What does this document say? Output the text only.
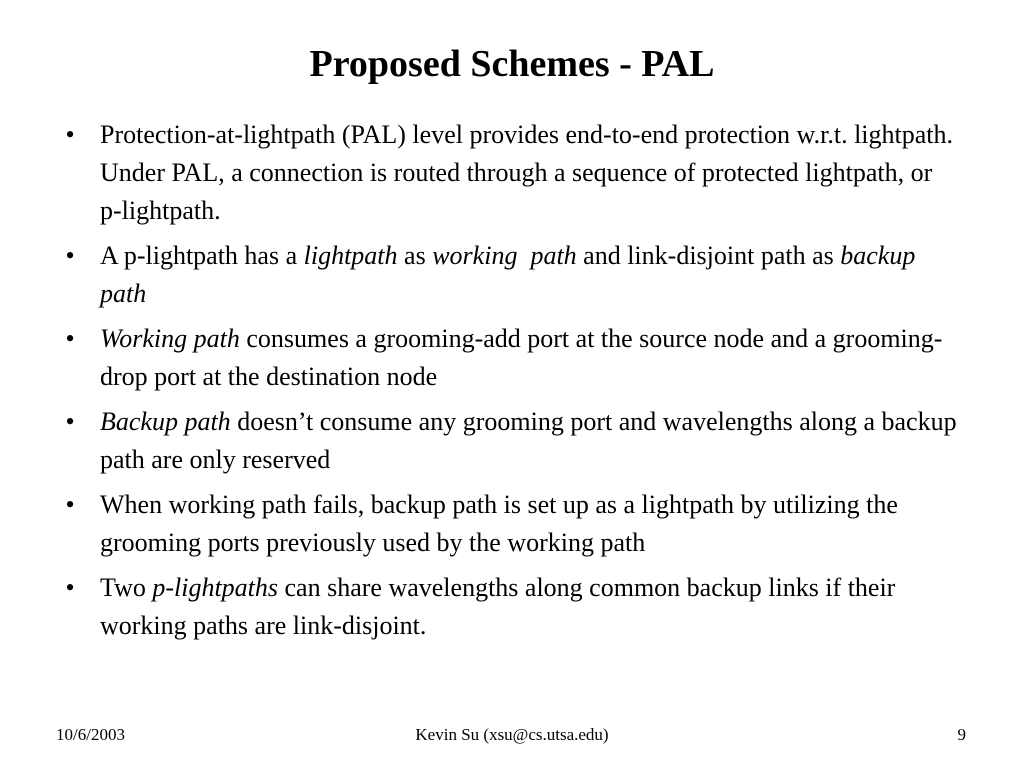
Proposed Schemes - PAL
• Protection-at-lightpath (PAL) level provides end-to-end protection w.r.t. lightpath. Under PAL, a connection is routed through a sequence of protected lightpath, or p-lightpath.
• A p-lightpath has a lightpath as working  path and link-disjoint path as backup path
• Working path consumes a grooming-add port at the source node and a grooming-drop port at the destination node
• Backup path doesn’t consume any grooming port and wavelengths along a backup path are only reserved
• When working path fails, backup path is set up as a lightpath by utilizing the grooming ports previously used by the working path
• Two p-lightpaths can share wavelengths along common backup links if their working paths are link-disjoint.
10/6/2003	Kevin Su (xsu@cs.utsa.edu)	9
